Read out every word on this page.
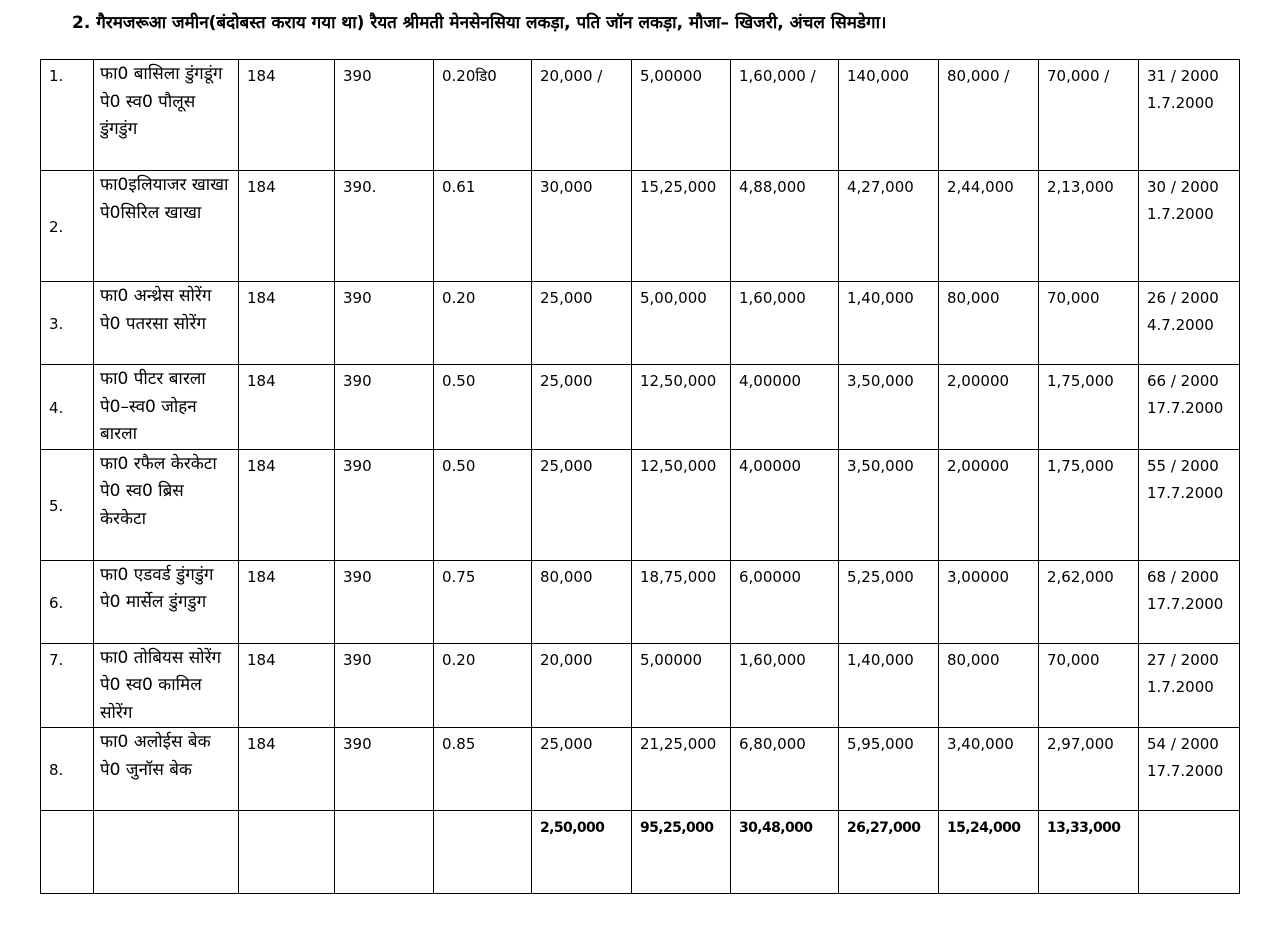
2. गैरमजरूआ जमीन(बंदोबस्त कराय गया था) रैयत श्रीमती मेनसेनसिया लकड़ा, पति जॉन लकड़ा, मौजा– खिजरी, अंचल सिमडेगा।
1.	फा0 बासिला डुंगडूंग पे0 स्व0 पौलूस डुंगडुंग	184	390	0.20डि0	20,000 /	5,00000	1,60,000 /	140,000	80,000 /	70,000 /	31 / 2000
1.7.2000

2.	फा0इलियाजर खाखा पे0सिरिल खाखा	184	390.	0.61	30,000	15,25,000	4,88,000	4,27,000	2,44,000	2,13,000	30 / 2000
1.7.2000

3.	फा0 अन्थ्रेस सोरेंग पे0 पतरसा सोरेंग	184	390	0.20	25,000	5,00,000	1,60,000	1,40,000	80,000	70,000	26 / 2000
4.7.2000

4.	फा0 पीटर बारला पे0–स्व0 जोहन बारला	184	390	0.50	25,000	12,50,000	4,00000	3,50,000	2,00000	1,75,000	66 / 2000
17.7.2000

5.	फा0 रफैल केरकेटा पे0 स्व0 ब्रिस केरकेटा	184	390	0.50	25,000	12,50,000	4,00000	3,50,000	2,00000	1,75,000	55 / 2000
17.7.2000

6.	फा0 एडवर्ड डुंगडुंग पे0 मार्सेल डुंगडुग	184	390	0.75	80,000	18,75,000	6,00000	5,25,000	3,00000	2,62,000	68 / 2000
17.7.2000

7.	फा0 तोबियस सोरेंग पे0 स्व0 कामिल सोरेंग	184	390	0.20	20,000	5,00000	1,60,000	1,40,000	80,000	70,000	27 / 2000
1.7.2000

8.	फा0 अलोईस बेक पे0 जुनॉस बेक	184	390	0.85	25,000	21,25,000	6,80,000	5,95,000	3,40,000	2,97,000	54 / 2000
17.7.2000

					2,50,000	95,25,000	30,48,000	26,27,000	15,24,000	13,33,000	
